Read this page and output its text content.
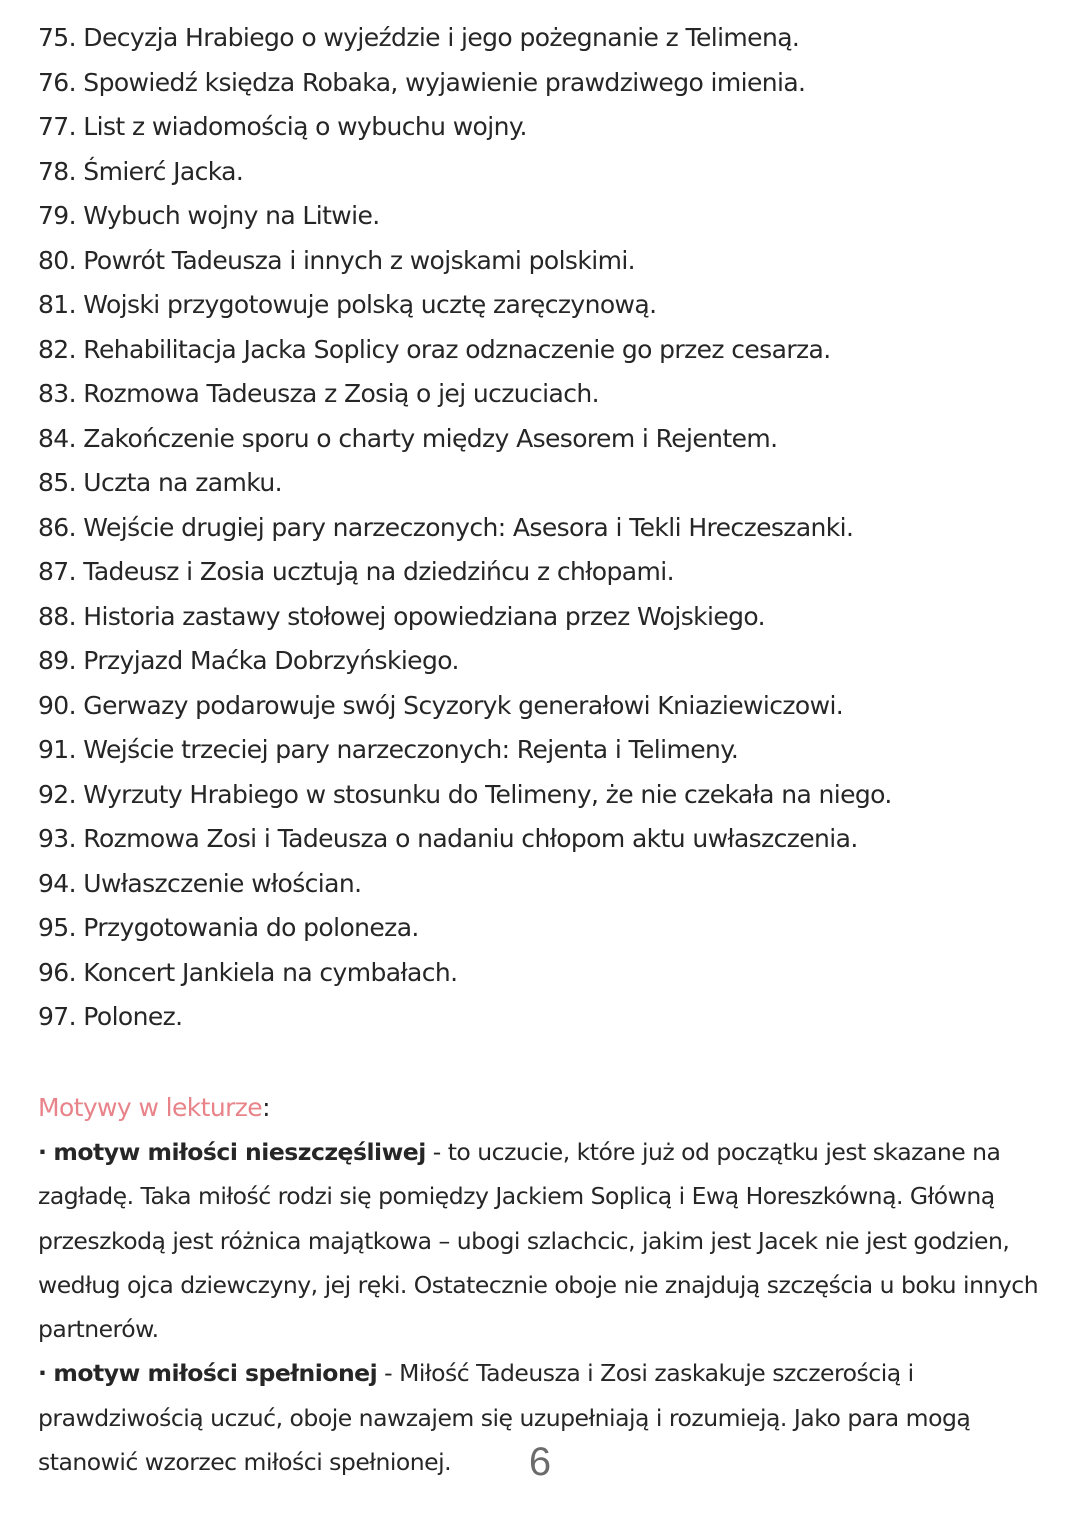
75. Decyzja Hrabiego o wyjeździe i jego pożegnanie z Telimeną.
76. Spowiedź księdza Robaka, wyjawienie prawdziwego imienia.
77. List z wiadomością o wybuchu wojny.
78. Śmierć Jacka.
79. Wybuch wojny na Litwie.
80. Powrót Tadeusza i innych z wojskami polskimi.
81. Wojski przygotowuje polską ucztę zaręczynową.
82. Rehabilitacja Jacka Soplicy oraz odznaczenie go przez cesarza.
83. Rozmowa Tadeusza z Zosią o jej uczuciach.
84. Zakończenie sporu o charty między Asesorem i Rejentem.
85. Uczta na zamku.
86. Wejście drugiej pary narzeczonych: Asesora i Tekli Hreczeszanki.
87. Tadeusz i Zosia ucztują na dziedzińcu z chłopami.
88. Historia zastawy stołowej opowiedziana przez Wojskiego.
89. Przyjazd Maćka Dobrzyńskiego.
90. Gerwazy podarowuje swój Scyzoryk generałowi Kniaziewiczowi.
91. Wejście trzeciej pary narzeczonych: Rejenta i Telimeny.
92. Wyrzuty Hrabiego w stosunku do Telimeny, że nie czekała na niego.
93. Rozmowa Zosi i Tadeusza o nadaniu chłopom aktu uwłaszczenia.
94. Uwłaszczenie włościan.
95. Przygotowania do poloneza.
96. Koncert Jankiela na cymbałach.
97. Polonez.
Motywy w lekturze:
· motyw miłości nieszczęśliwej - to uczucie, które już od początku jest skazane na zagładę. Taka miłość rodzi się pomiędzy Jackiem Soplicą i Ewą Horeszkówną. Główną przeszkodą jest różnica majątkowa – ubogi szlachcic, jakim jest Jacek nie jest godzien, według ojca dziewczyny, jej ręki. Ostatecznie oboje nie znajdują szczęścia u boku innych partnerów.
· motyw miłości spełnionej - Miłość Tadeusza i Zosi zaskakuje szczerością i prawdziwością uczuć, oboje nawzajem się uzupełniają i rozumieją. Jako para mogą stanowić wzorzec miłości spełnionej.	6
